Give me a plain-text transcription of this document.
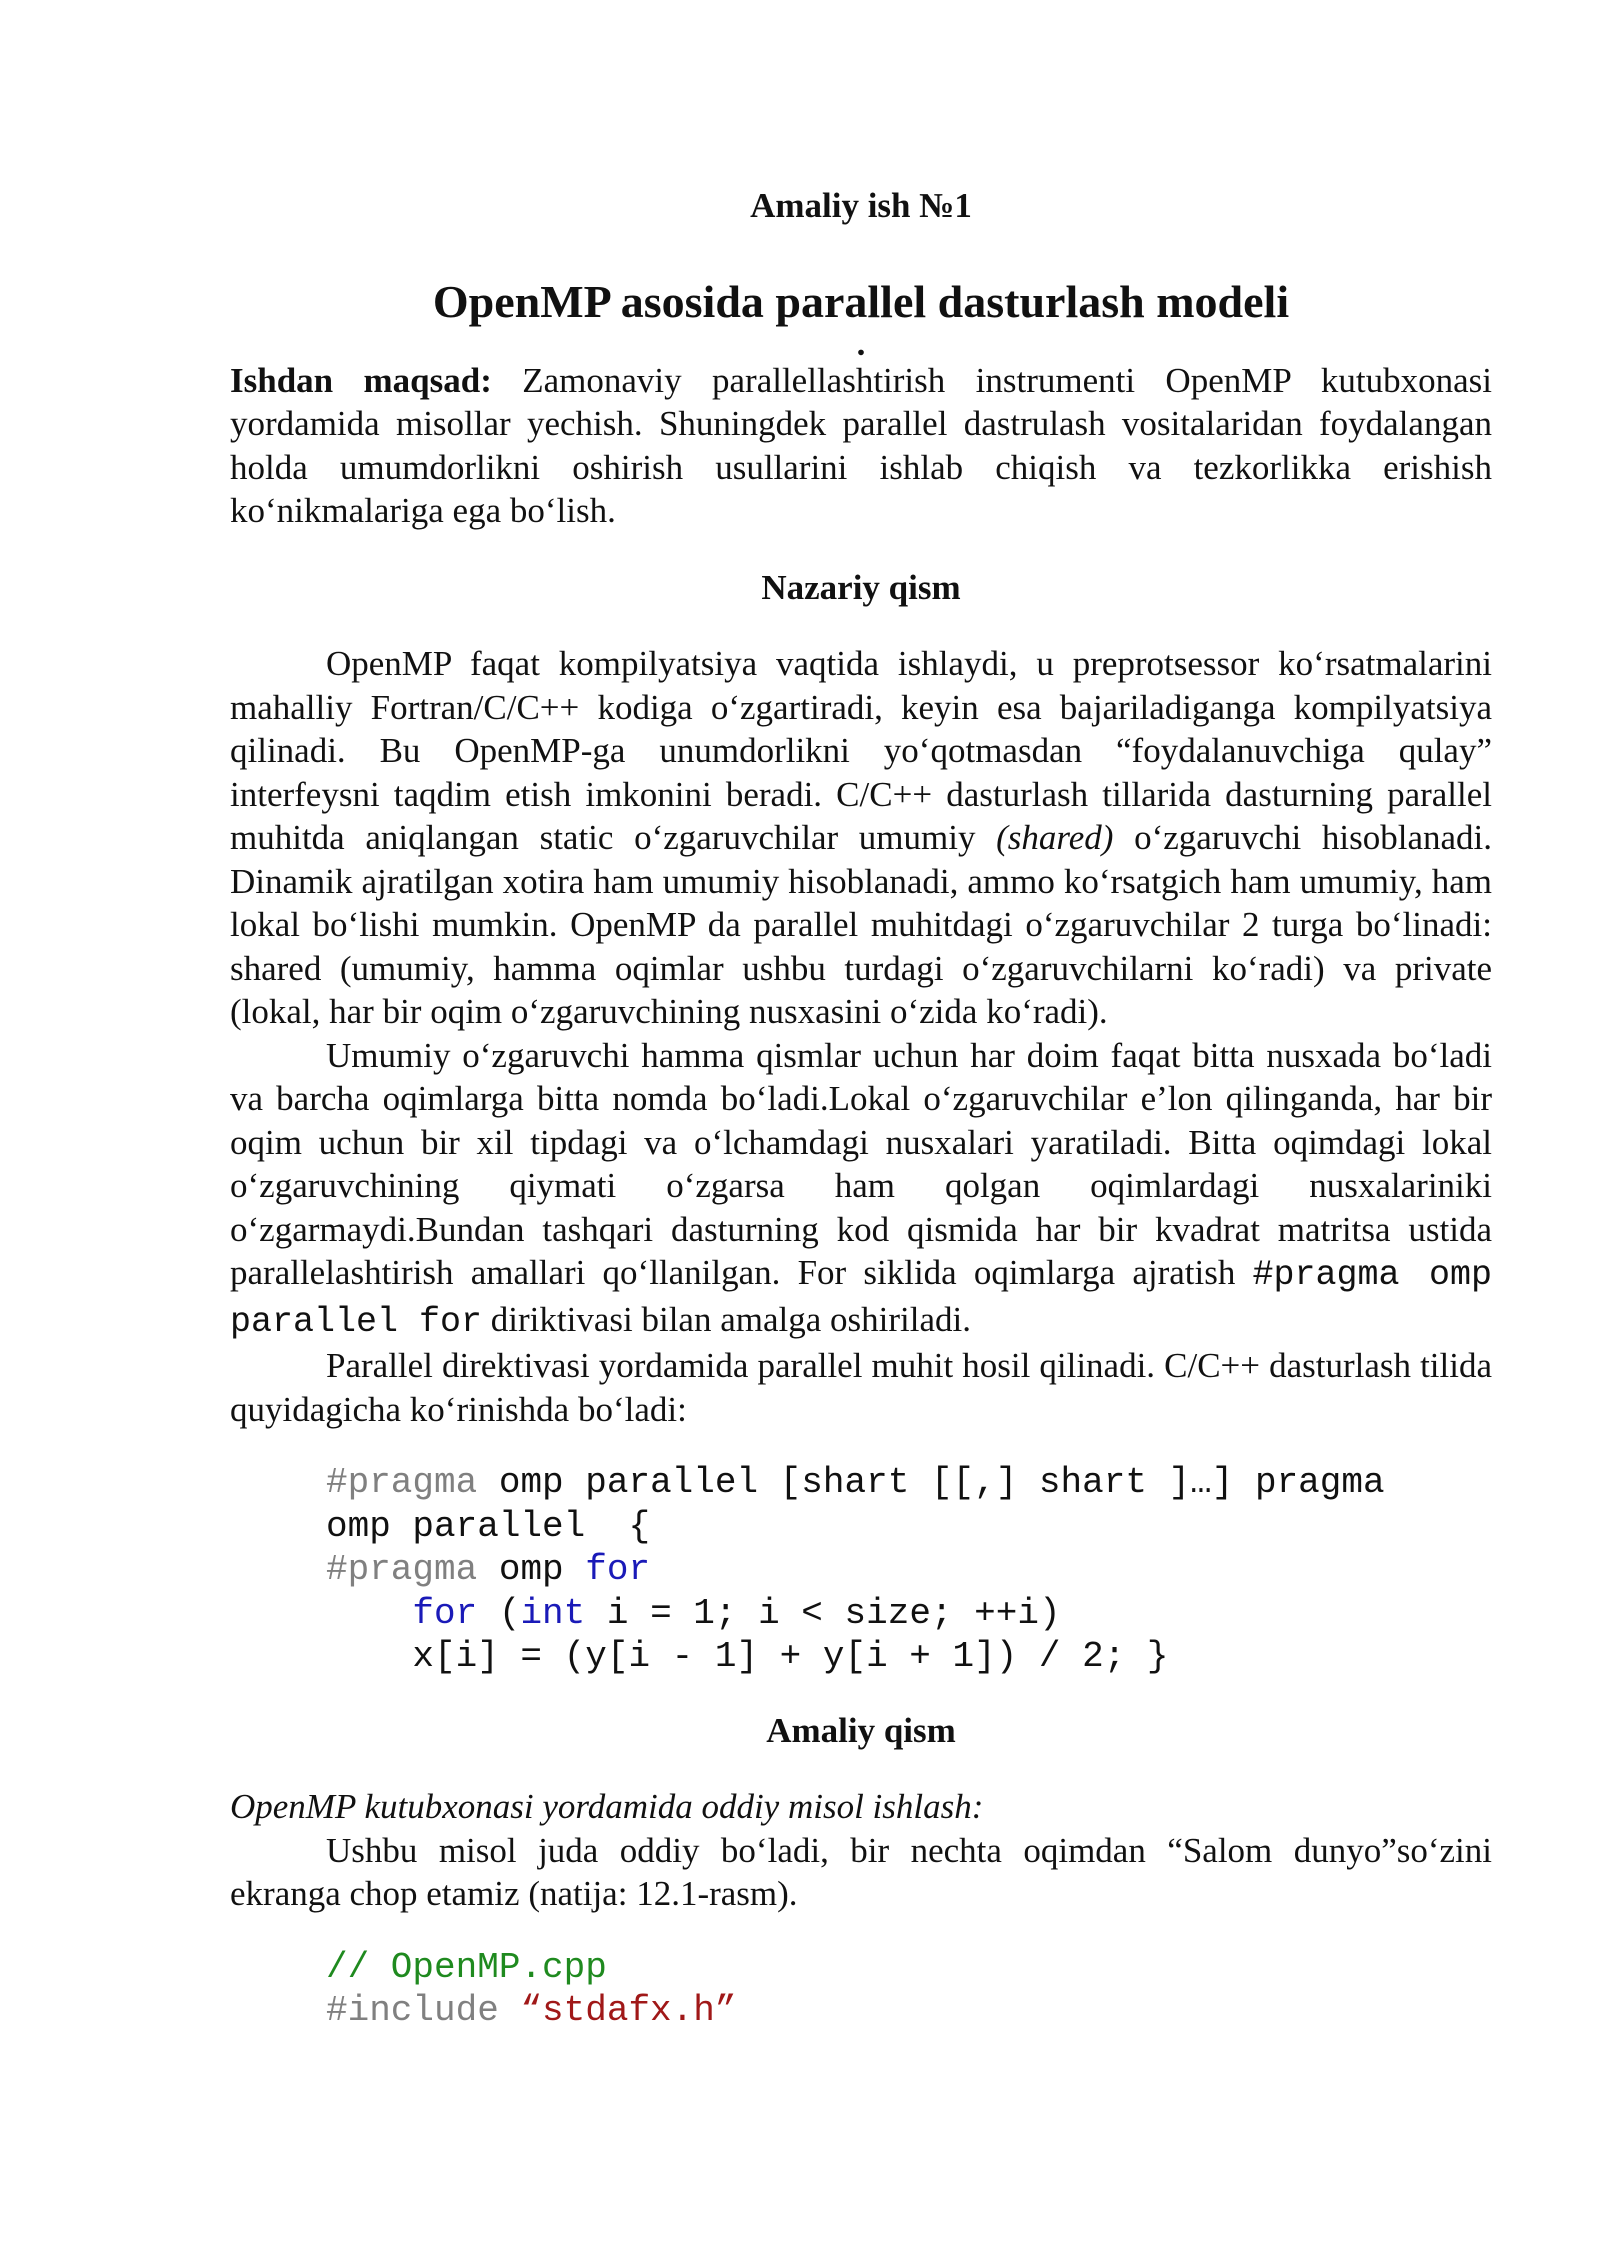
Amaliy ish №1
OpenMP asosida parallel dasturlash modeli
.

Ishdan maqsad: Zamonaviy parallellashtirish instrumenti OpenMP kutubxonasi yordamida misollar yechish. Shuningdek parallel dastrulash vositalaridan foydalangan holda umumdorlikni oshirish usullarini ishlab chiqish va tezkorlikka erishish ko‘nikmalariga ega bo‘lish.

Nazariy qism

OpenMP faqat kompilyatsiya vaqtida ishlaydi, u preprotsessor ko‘rsatmalarini mahalliy Fortran/C/C++ kodiga o‘zgartiradi, keyin esa bajariladiganga kompilyatsiya qilinadi. Bu OpenMP-ga unumdorlikni yo‘qotmasdan “foydalanuvchiga qulay” interfeysni taqdim etish imkonini beradi. C/C++ dasturlash tillarida dasturning parallel muhitda aniqlangan static o‘zgaruvchilar umumiy (shared) o‘zgaruvchi hisoblanadi. Dinamik ajratilgan xotira ham umumiy hisoblanadi, ammo ko‘rsatgich ham umumiy, ham lokal bo‘lishi mumkin. OpenMP da parallel muhitdagi o‘zgaruvchilar 2 turga bo‘linadi: shared (umumiy, hamma oqimlar ushbu turdagi o‘zgaruvchilarni ko‘radi) va private (lokal, har bir oqim o‘zgaruvchining nusxasini o‘zida ko‘radi).

Umumiy o‘zgaruvchi hamma qismlar uchun har doim faqat bitta nusxada bo‘ladi va barcha oqimlarga bitta nomda bo‘ladi.Lokal o‘zgaruvchilar e’lon qilinganda, har bir oqim uchun bir xil tipdagi va o‘lchamdagi nusxalari yaratiladi. Bitta oqimdagi lokal o‘zgaruvchining qiymati o‘zgarsa ham qolgan oqimlardagi nusxalariniki o‘zgarmaydi.Bundan tashqari dasturning kod qismida har bir kvadrat matritsa ustida parallelashtirish amallari qo‘llanilgan. For siklida oqimlarga ajratish #pragma omp parallel for diriktivasi bilan amalga oshiriladi.

Parallel direktivasi yordamida parallel muhit hosil qilinadi. C/C++ dasturlash tilida quyidagicha ko‘rinishda bo‘ladi:

#pragma omp parallel [shart [[,] shart ]…] pragma
omp parallel  {
#pragma omp for
for (int i = 1; i < size; ++i)
x[i] = (y[i - 1] + y[i + 1]) / 2; }
Amaliy qism

OpenMP kutubxonasi yordamida oddiy misol ishlash:

Ushbu misol juda oddiy bo‘ladi, bir nechta oqimdan “Salom dunyo”so‘zini ekranga chop etamiz (natija: 12.1-rasm).

// OpenMP.cpp
#include “stdafx.h”
